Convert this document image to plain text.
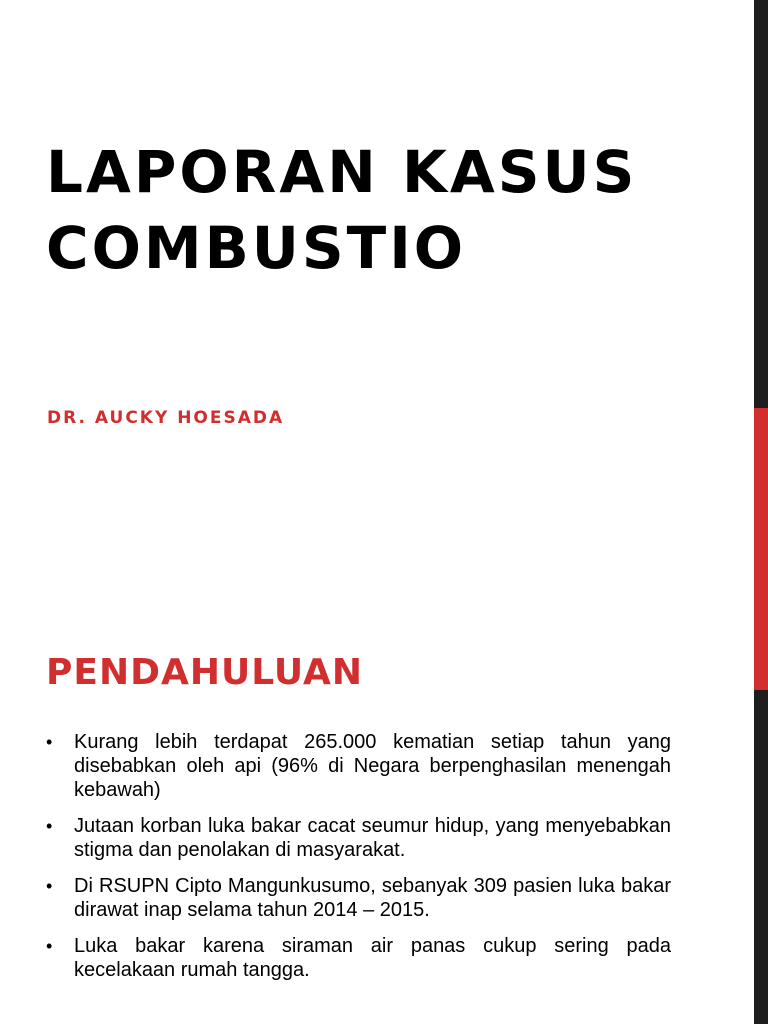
LAPORAN KASUS
COMBUSTIO

DR. AUCKY HOESADA

PENDAHULUAN
• Kurang lebih terdapat 265.000 kematian setiap tahun yang disebabkan oleh api (96% di Negara berpenghasilan menengah kebawah)
• Jutaan korban luka bakar cacat seumur hidup, yang menyebabkan stigma dan penolakan di masyarakat.
• Di RSUPN Cipto Mangunkusumo, sebanyak 309 pasien luka bakar dirawat inap selama tahun 2014 – 2015.
• Luka bakar karena siraman air panas cukup sering pada kecelakaan rumah tangga.
